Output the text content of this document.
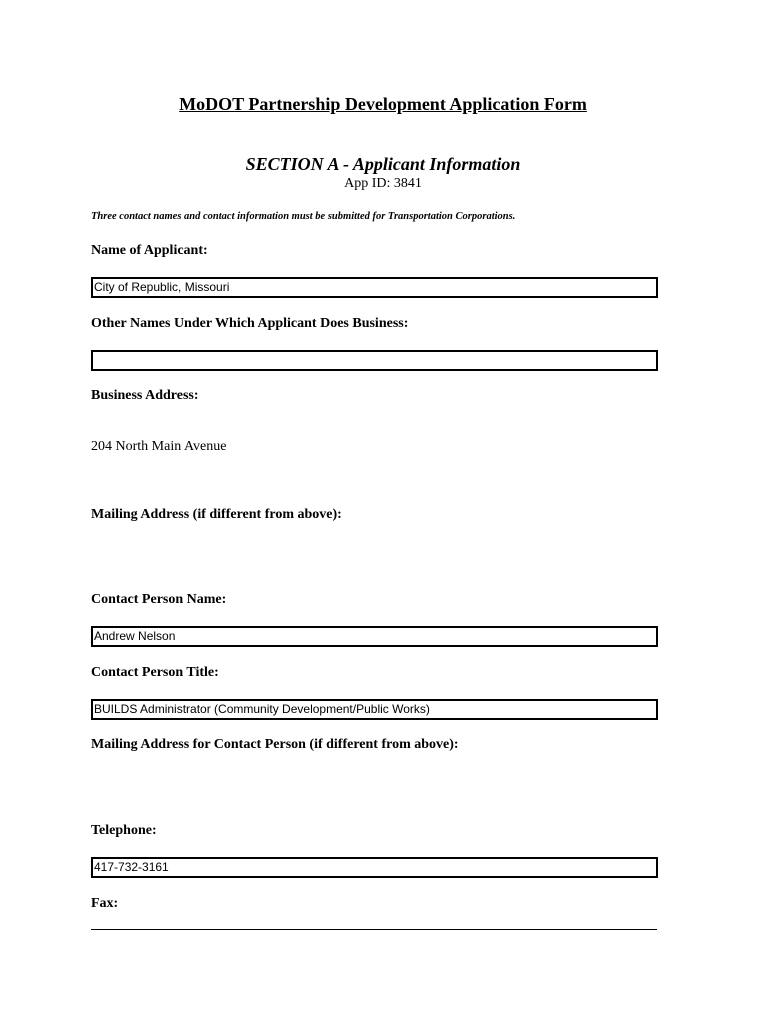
MoDOT Partnership Development Application Form
SECTION A - Applicant Information
App ID: 3841
Three contact names and contact information must be submitted for Transportation Corporations.
Name of Applicant:
City of Republic, Missouri
Other Names Under Which Applicant Does Business:
Business Address:
204 North Main Avenue
Mailing Address (if different from above):
Contact Person Name:
Andrew Nelson
Contact Person Title:
BUILDS Administrator (Community Development/Public Works)
Mailing Address for Contact Person (if different from above):
Telephone:
417-732-3161
Fax:
